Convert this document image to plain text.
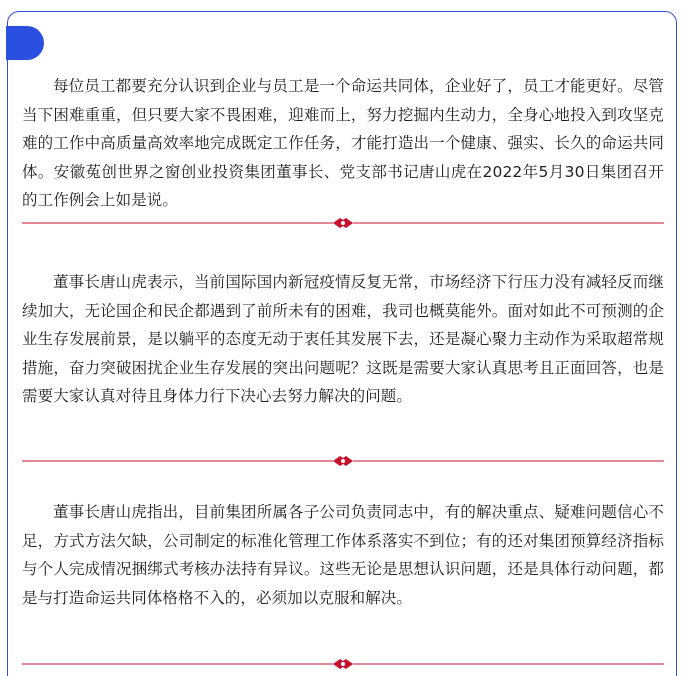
每位员工都要充分认识到企业与员工是一个命运共同体，企业好了，员工才能更好。尽管当下困难重重，但只要大家不畏困难，迎难而上，努力挖掘内生动力，全身心地投入到攻坚克难的工作中高质量高效率地完成既定工作任务，才能打造出一个健康、强实、长久的命运共同体。安徽菟创世界之窗创业投资集团董事长、党支部书记唐山虎在2022年5月30日集团召开的工作例会上如是说。

董事长唐山虎表示，当前国际国内新冠疫情反复无常，市场经济下行压力没有减轻反而继续加大，无论国企和民企都遇到了前所未有的困难，我司也概莫能外。面对如此不可预测的企业生存发展前景，是以躺平的态度无动于衷任其发展下去，还是凝心聚力主动作为采取超常规措施，奋力突破困扰企业生存发展的突出问题呢？这既是需要大家认真思考且正面回答，也是需要大家认真对待且身体力行下决心去努力解决的问题。

董事长唐山虎指出，目前集团所属各子公司负责同志中，有的解决重点、疑难问题信心不足，方式方法欠缺，公司制定的标准化管理工作体系落实不到位；有的还对集团预算经济指标与个人完成情况捆绑式考核办法持有异议。这些无论是思想认识问题，还是具体行动问题，都是与打造命运共同体格格不入的，必须加以克服和解决。
